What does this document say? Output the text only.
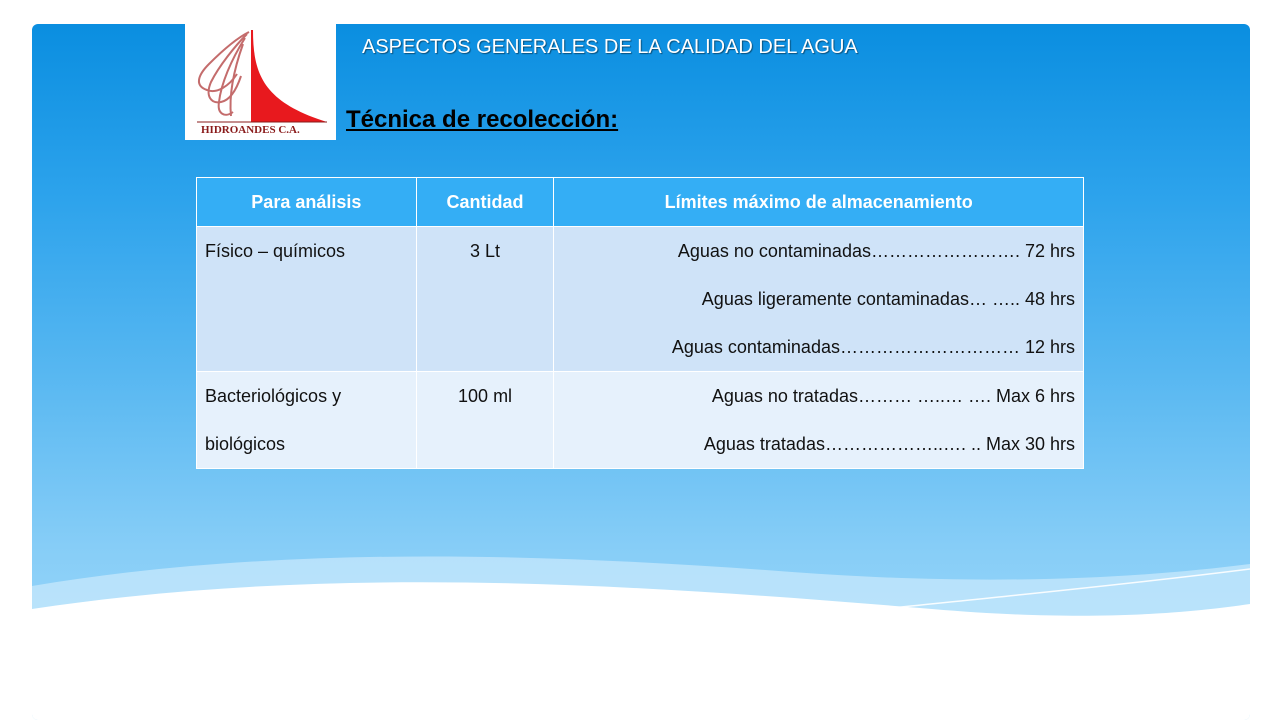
HIDROANDES C.A.
ASPECTOS GENERALES DE LA CALIDAD DEL AGUA
Técnica de recolección:
Para análisis	Cantidad	Límites máximo de almacenamiento
Físico – químicos	3 Lt	Aguas no contaminadas……………………. 72 hrs
Aguas ligeramente contaminadas… ….. 48 hrs
Aguas contaminadas………………………… 12 hrs

Bacteriológicos y biológicos	100 ml	Aguas no tratadas……… …..… …. Max 6 hrs
Aguas tratadas………………..…. .. Max 30 hrs
